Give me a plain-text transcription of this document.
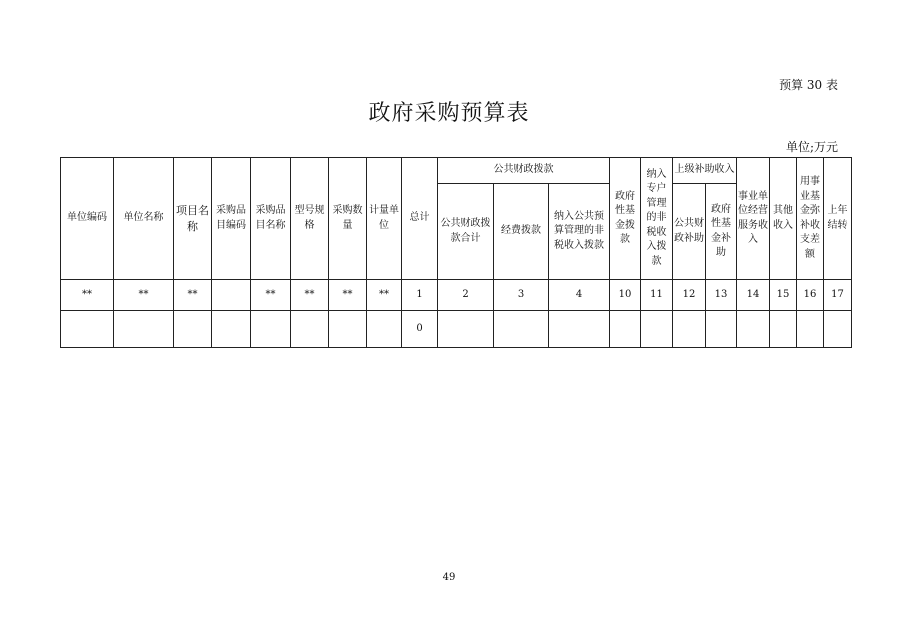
预算 30 表
政府采购预算表
单位;万元
单位编码	单位名称	项目名称	采购品目编码	采购品目名称	型号规格	采购数量	计量单位	总计	公共财政拨款			政府性基金拨款	纳入专户管理的非税收入拨款	上级补助收入		事业单位经营服务收入	其他收入	用事业基金弥补收支差额	上年结转
									公共财政拨款合计	经费拨款	纳入公共预算管理的非税收入拨款			公共财政补助	政府性基金补助				
**	**	**		**	**	**	**	1	2	3	4	10	11	12	13	14	15	16	17
								0											
49
